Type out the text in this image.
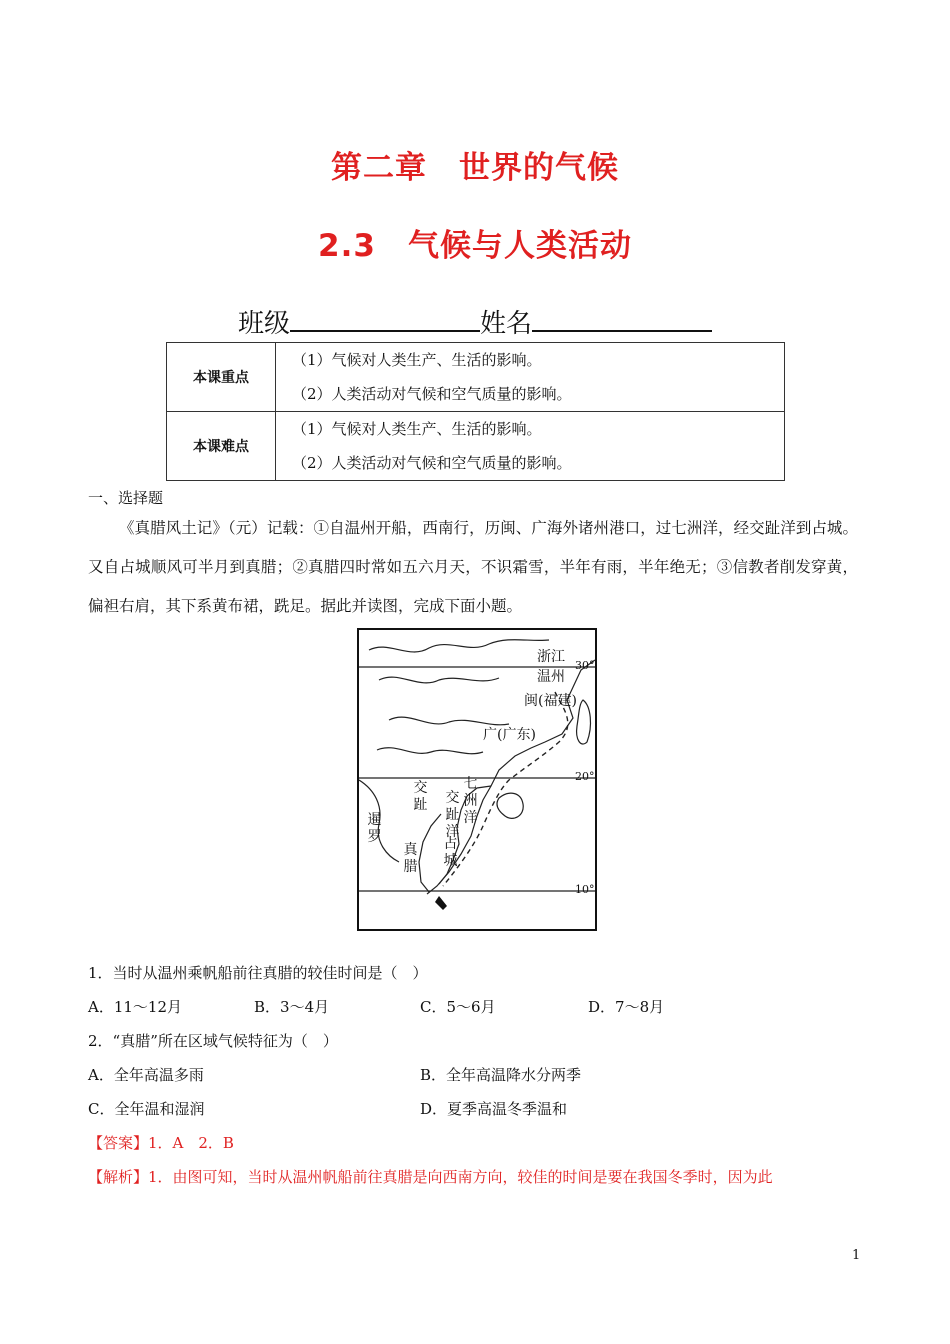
第二章　世界的气候
2.3　气候与人类活动
班级	姓名
本课重点	（1）气候对人类生产、生活的影响。
（2）人类活动对气候和空气质量的影响。

本课难点	（1）气候对人类生产、生活的影响。
（2）人类活动对气候和空气质量的影响。
一、选择题
《真腊风土记》（元）记载：①自温州开船，西南行，历闽、广海外诸州港口，过七洲洋，经交趾洋到占城。又自占城顺风可半月到真腊；②真腊四时常如五六月天，不识霜雪，半年有雨，半年绝无；③信教者削发穿黄，偏袒右肩，其下系黄布裙，跣足。据此并读图，完成下面小题。
浙江
温州
闽(福建)
广(广东)
交
趾 交
趾
洋
七
洲
洋
暹
罗
真
腊
占
城
30°
20°
10°
1．当时从温州乘帆船前往真腊的较佳时间是（　）
A．11～12月	B．3～4月	C．5～6月	D．7～8月
2．“真腊”所在区域气候特征为（　）
A．全年高温多雨	B．全年高温降水分两季
C．全年温和湿润	D．夏季高温冬季温和
【答案】1．A　2．B
【解析】1．由图可知，当时从温州帆船前往真腊是向西南方向，较佳的时间是要在我国冬季时，因为此
1
